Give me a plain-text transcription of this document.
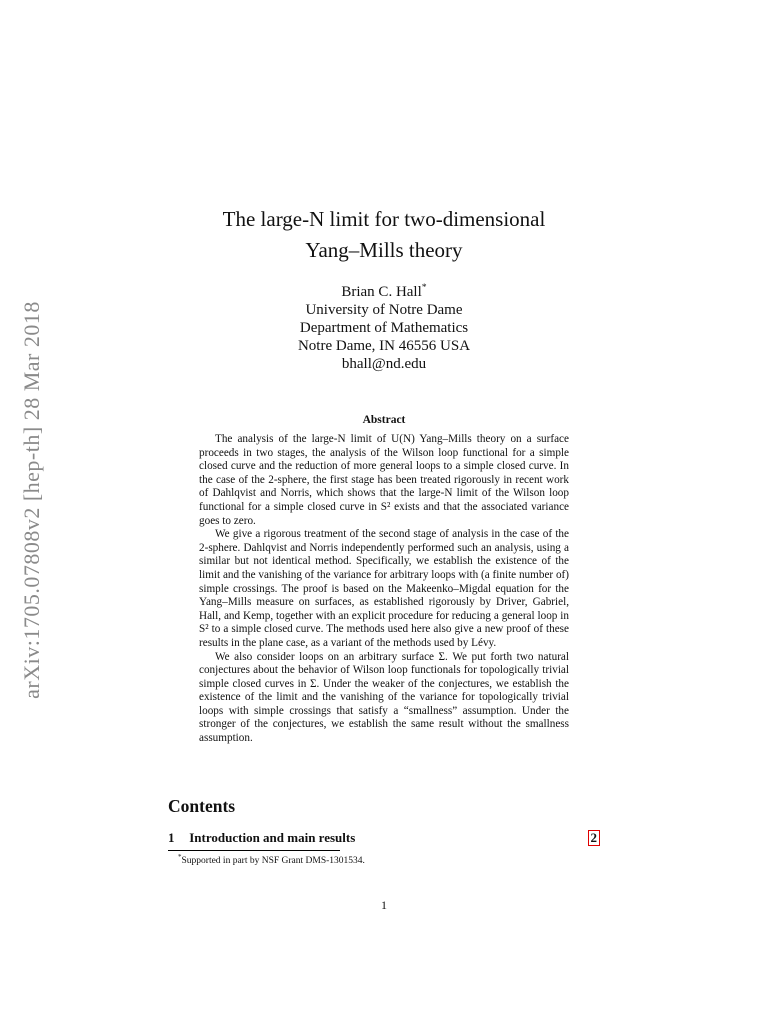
arXiv:1705.07808v2 [hep-th] 28 Mar 2018
The large-N limit for two-dimensional
Yang–Mills theory
Brian C. Hall*
University of Notre Dame
Department of Mathematics
Notre Dame, IN 46556 USA
bhall@nd.edu
Abstract

The analysis of the large-N limit of U(N) Yang–Mills theory on a surface proceeds in two stages, the analysis of the Wilson loop functional for a simple closed curve and the reduction of more general loops to a simple closed curve. In the case of the 2-sphere, the first stage has been treated rigorously in recent work of Dahlqvist and Norris, which shows that the large-N limit of the Wilson loop functional for a simple closed curve in S² exists and that the associated variance goes to zero.

We give a rigorous treatment of the second stage of analysis in the case of the 2-sphere. Dahlqvist and Norris independently performed such an analysis, using a similar but not identical method. Specifically, we establish the existence of the limit and the vanishing of the variance for arbitrary loops with (a finite number of) simple crossings. The proof is based on the Makeenko–Migdal equation for the Yang–Mills measure on surfaces, as established rigorously by Driver, Gabriel, Hall, and Kemp, together with an explicit procedure for reducing a general loop in S² to a simple closed curve. The methods used here also give a new proof of these results in the plane case, as a variant of the methods used by Lévy.

We also consider loops on an arbitrary surface Σ. We put forth two natural conjectures about the behavior of Wilson loop functionals for topologically trivial simple closed curves in Σ. Under the weaker of the conjectures, we establish the existence of the limit and the vanishing of the variance for topologically trivial loops with simple crossings that satisfy a “smallness” assumption. Under the stronger of the conjectures, we establish the same result without the smallness assumption.

Contents
1 Introduction and main results	2
*Supported in part by NSF Grant DMS-1301534.
1
